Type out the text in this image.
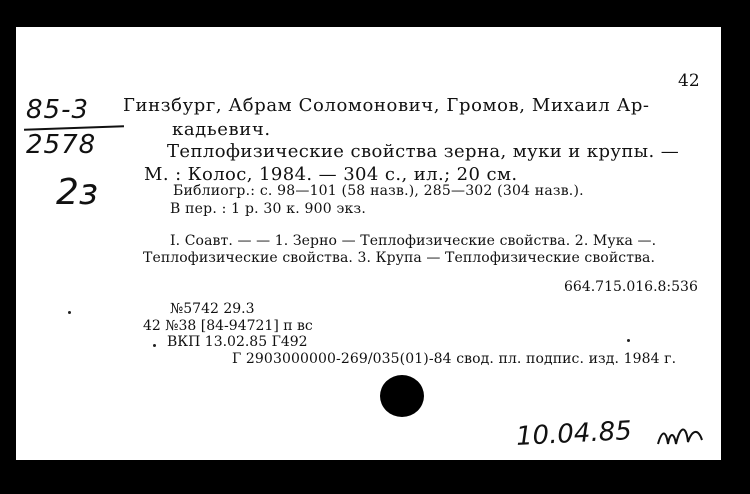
42
Гинзбург, Абрам Соломонович, Громов, Михаил Ар-
кадьевич.
Теплофизические свойства зерна, муки и крупы. —
М. : Колос, 1984. — 304 с., ил.; 20 см.
Библиогр.: с. 98—101 (58 назв.), 285—302 (304 назв.).
В пер. : 1 р. 30 к. 900 экз.
I. Соавт. — — 1. Зерно — Теплофизические свойства. 2. Мука —.
Теплофизические свойства. 3. Крупа — Теплофизические свойства.
664.715.016.8:536
№5742 29.3
42 №38 [84-94721] п вс
ВКП 13.02.85 Г492
Г 2903000000-269/035(01)-84 свод. пл. подпис. изд. 1984 г.
85-3
2578
2з
10.04.85
